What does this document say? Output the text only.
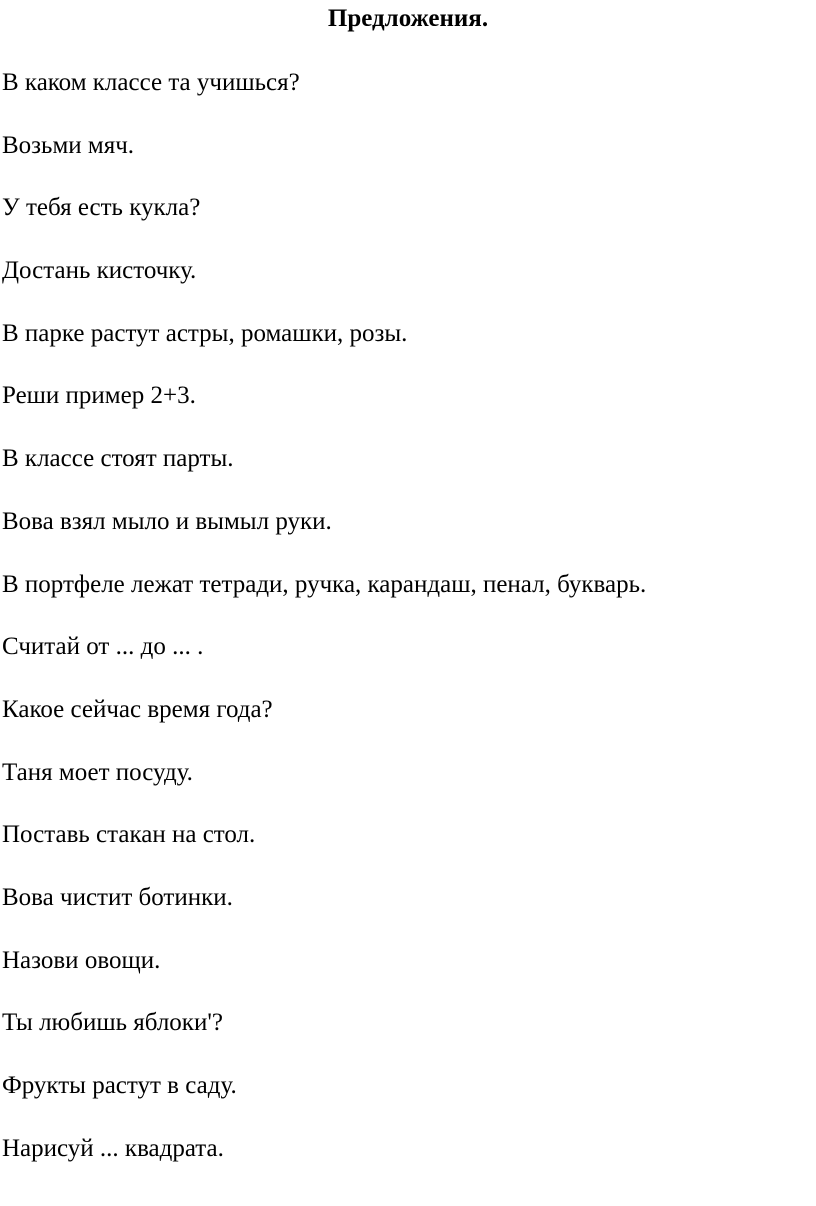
Предложения.
В каком классе та учишься?
Возьми мяч.
У тебя есть кукла?
Достань кисточку.
В парке растут астры, ромашки, розы.
Реши пример 2+3.
В классе стоят парты.
Вова взял мыло и вымыл руки.
В портфеле лежат тетради, ручка, карандаш, пенал, букварь.
Считай от ... до ... .
Какое сейчас время года?
Таня моет посуду.
Поставь стакан на стол.
Вова чистит ботинки.
Назови овощи.
Ты любишь яблоки'?
Фрукты растут в саду.
Нарисуй ... квадрата.
